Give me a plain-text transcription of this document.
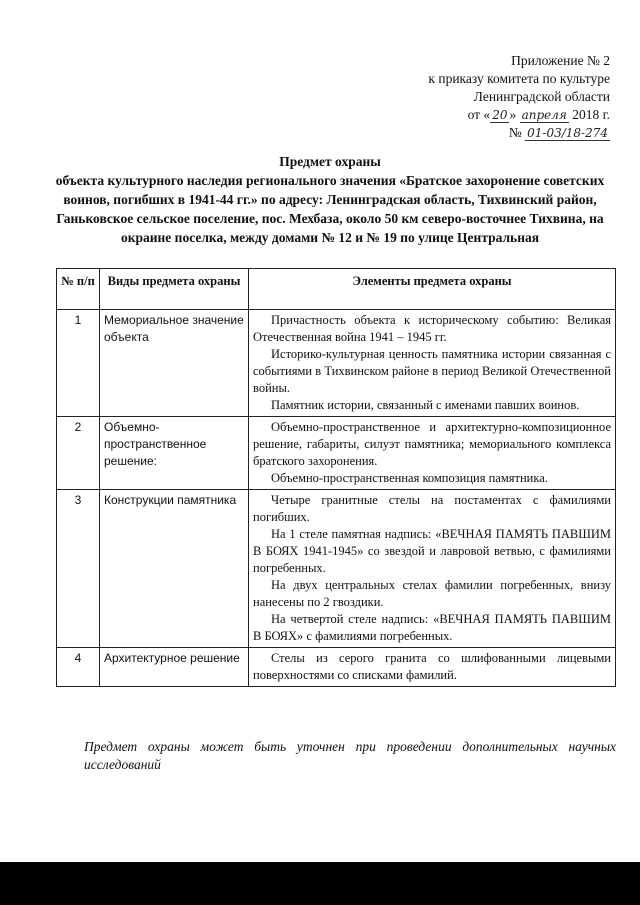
Приложение № 2
к приказу комитета по культуре
Ленинградской области
от « 20 » апреля 2018 г.
№ 01-03/18-274
Предмет охраны
объекта культурного наследия регионального значения «Братское захоронение советских воинов, погибших в 1941-44 гг.» по адресу: Ленинградская область, Тихвинский район, Ганьковское сельское поселение, пос. Мехбаза, около 50 км северо-восточнее Тихвина, на окраине поселка, между домами № 12 и № 19 по улице Центральная
№ п/п	Виды предмета охраны	Элементы предмета охраны
1	Мемориальное значение объекта	Причастность объекта к историческому событию: Великая Отечественная война 1941 – 1945 гг.

Историко-культурная ценность памятника истории связанная с событиями в Тихвинском районе в период Великой Отечественной войны.

Памятник истории, связанный с именами павших воинов.

2	Объемно-пространственное решение:	Объемно-пространственное и архитектурно-композиционное решение, габариты, силуэт памятника; мемориального комплекса братского захоронения.

Объемно-пространственная композиция памятника.

3	Конструкции памятника	Четыре гранитные стелы на постаментах с фамилиями погибших.

На 1 стеле памятная надпись: «ВЕЧНАЯ ПАМЯТЬ ПАВШИМ В БОЯХ 1941-1945» со звездой и лавровой ветвью, с фамилиями погребенных.

На двух центральных стелах фамилии погребенных, внизу нанесены по 2 гвоздики.

На четвертой стеле надпись: «ВЕЧНАЯ ПАМЯТЬ ПАВШИМ В БОЯХ» с фамилиями погребенных.

4	Архитектурное решение	Стелы из серого гранита со шлифованными лицевыми поверхностями со списками фамилий.

Предмет охраны может быть уточнен при проведении дополнительных научных исследований
